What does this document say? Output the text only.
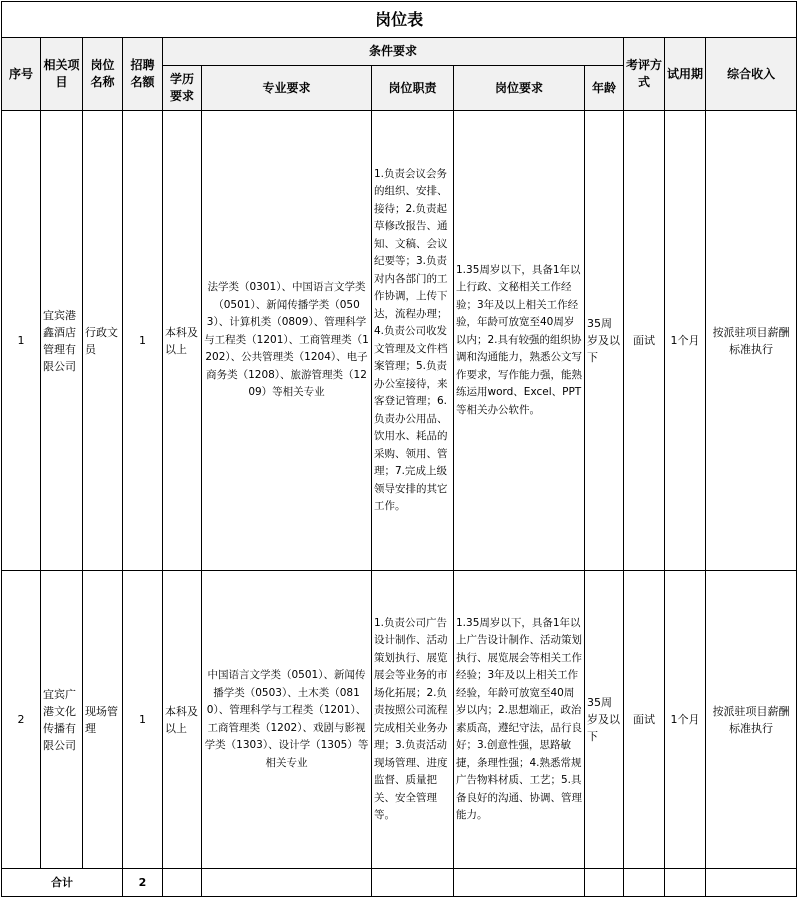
岗位表											
序号	相关项目	岗位名称	招聘名额	条件要求					考评方式	试用期	综合收入
				学历要求	专业要求	岗位职责	岗位要求	年龄			
1	宜宾港鑫酒店管理有限公司	行政文员	1	本科及以上	法学类（0301）、中国语言文学类（0501）、新闻传播学类（0503）、计算机类（0809）、管理科学与工程类（1201）、工商管理类（1202）、公共管理类（1204）、电子商务类（1208）、旅游管理类（1209）等相关专业	1.负责会议会务的组织、安排、接待；2.负责起草修改报告、通知、文稿、会议纪要等；3.负责对内各部门的工作协调，上传下达，流程办理；4.负责公司收发文管理及文件档案管理；5.负责办公室接待，来客登记管理；6.负责办公用品、饮用水、耗品的采购、领用、管理；7.完成上级领导安排的其它工作。	1.35周岁以下，具备1年以上行政、文秘相关工作经验；3年及以上相关工作经验，年龄可放宽至40周岁以内；2.具有较强的组织协调和沟通能力，熟悉公文写作要求，写作能力强，能熟练运用word、Excel、PPT等相关办公软件。	35周岁及以下	面试	1个月	按派驻项目薪酬标准执行
2	宜宾广港文化传播有限公司	现场管理	1	本科及以上	中国语言文学类（0501）、新闻传播学类（0503）、土木类（0810）、管理科学与工程类（1201）、工商管理类（1202）、戏剧与影视学类（1303）、设计学（1305）等相关专业	1.负责公司广告设计制作、活动策划执行、展览展会等业务的市场化拓展；2.负责按照公司流程完成相关业务办理；3.负责活动现场管理、进度监督、质量把关、安全管理等。	1.35周岁以下，具备1年以上广告设计制作、活动策划执行、展览展会等相关工作经验；3年及以上相关工作经验，年龄可放宽至40周岁以内；2.思想端正，政治素质高，遵纪守法，品行良好；3.创意性强，思路敏捷，条理性强；4.熟悉常规广告物料材质、工艺；5.具备良好的沟通、协调、管理能力。	35周岁及以下	面试	1个月	按派驻项目薪酬标准执行
合计			2								
